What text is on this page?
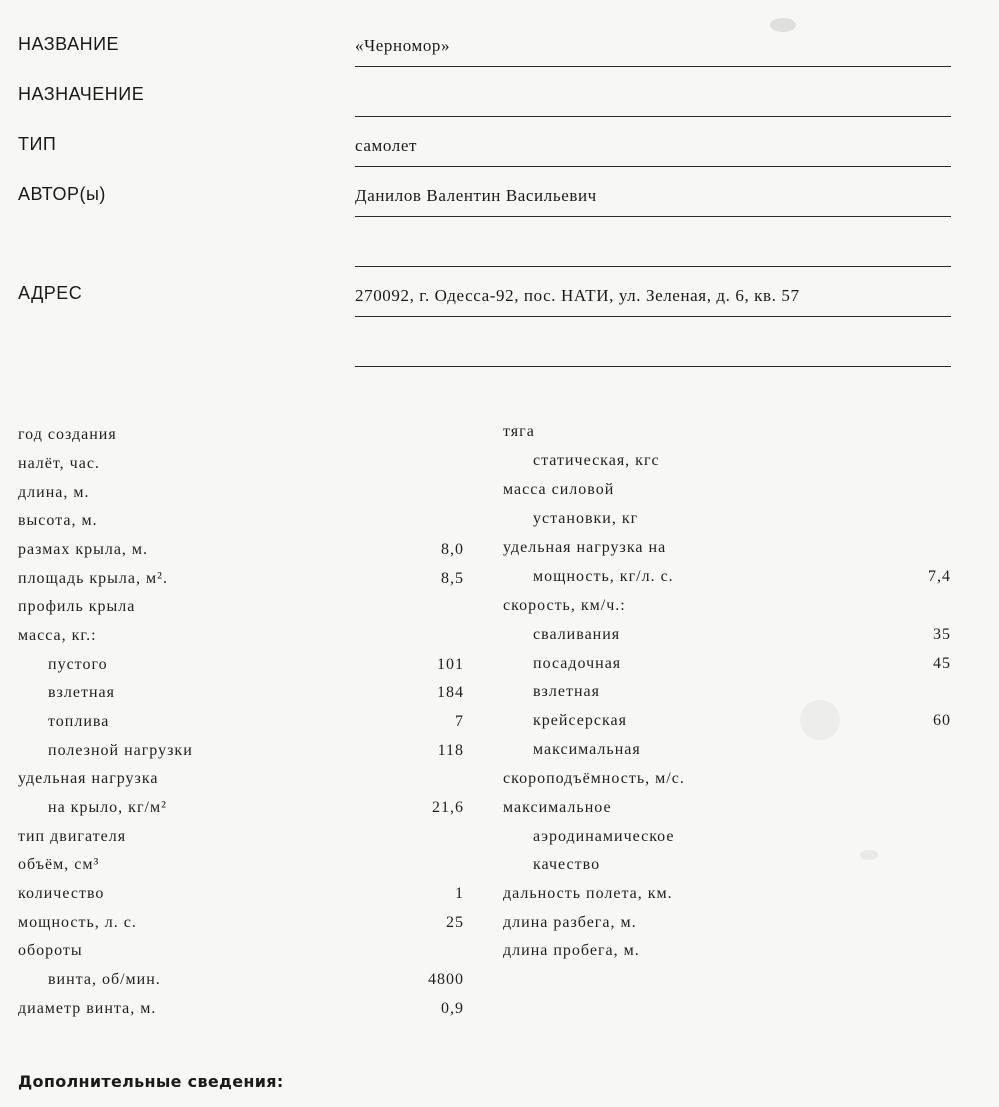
НАЗВАНИЕ	«Черномор»
НАЗНАЧЕНИЕ
ТИП	самолет
АВТОР(ы)	Данилов Валентин Васильевич
АДРЕС	270092, г. Одесса-92, пос. НАТИ, ул. Зеленая, д. 6, кв. 57
год создания
налёт, час.
длина, м.
высота, м.
размах крыла, м.	8,0
площадь крыла, м².	8,5
профиль крыла
масса, кг.:
пустого	101
взлетная	184
топлива	7
полезной нагрузки	118
удельная нагрузка
на крыло, кг/м²	21,6
тип двигателя
объём, см³
количество	1
мощность, л. с.	25
обороты
винта, об/мин.	4800
диаметр винта, м.	0,9
тяга
статическая, кгс
масса силовой
установки, кг
удельная нагрузка на
мощность, кг/л. с.	7,4
скорость, км/ч.:
сваливания	35
посадочная	45
взлетная
крейсерская	60
максимальная
скороподъёмность, м/с.
максимальное
аэродинамическое
качество
дальность полета, км.
длина разбега, м.
длина пробега, м.
Дополнительные сведения:
